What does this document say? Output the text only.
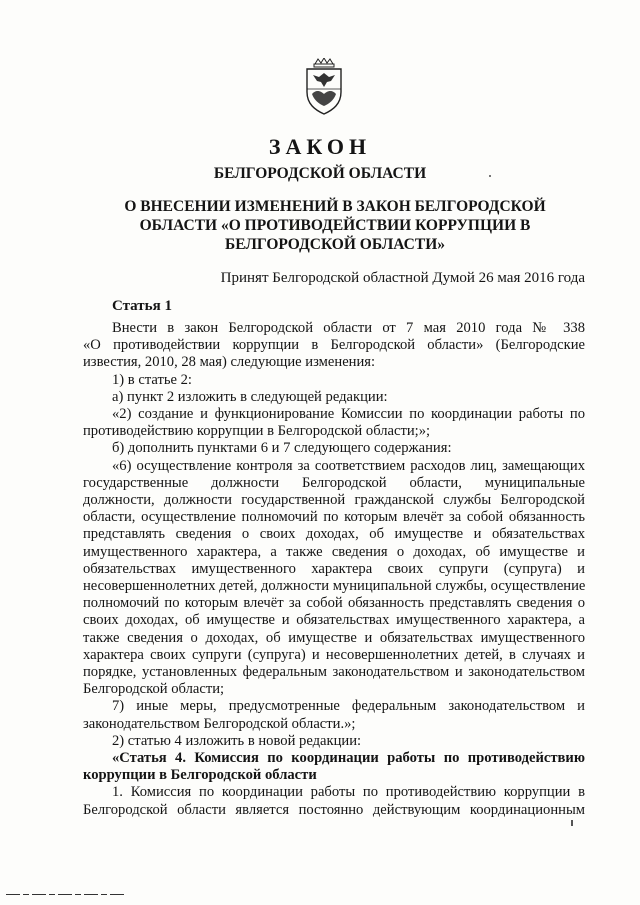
ЗАКОН
БЕЛГОРОДСКОЙ ОБЛАСТИ
О ВНЕСЕНИИ ИЗМЕНЕНИЙ В ЗАКОН БЕЛГОРОДСКОЙ
ОБЛАСТИ «О ПРОТИВОДЕЙСТВИИ КОРРУПЦИИ В
БЕЛГОРОДСКОЙ ОБЛАСТИ»
Принят Белгородской областной Думой 26 мая 2016 года
Статья 1
Внести в закон Белгородской области от 7 мая 2010 года № 338
«О противодействии коррупции в Белгородской области» (Белгородские
известия, 2010, 28 мая) следующие изменения:
1) в статье 2:
а) пункт 2 изложить в следующей редакции:
«2) создание и функционирование Комиссии по координации работы по
противодействию коррупции в Белгородской области;»;
б) дополнить пунктами 6 и 7 следующего содержания:
«6) осуществление контроля за соответствием расходов лиц, замещающих
государственные должности Белгородской области, муниципальные
должности, должности государственной гражданской службы Белгородской
области, осуществление полномочий по которым влечёт за собой обязанность
представлять сведения о своих доходах, об имуществе и обязательствах
имущественного характера, а также сведения о доходах, об имуществе и
обязательствах имущественного характера своих супруги (супруга) и
несовершеннолетних детей, должности муниципальной службы, осуществление
полномочий по которым влечёт за собой обязанность представлять сведения о
своих доходах, об имуществе и обязательствах имущественного характера, а
также сведения о доходах, об имуществе и обязательствах имущественного
характера своих супруги (супруга) и несовершеннолетних детей, в случаях и
порядке, установленных федеральным законодательством и законодательством
Белгородской области;
7) иные меры, предусмотренные федеральным законодательством и
законодательством Белгородской области.»;
2) статью 4 изложить в новой редакции:
«Статья 4. Комиссия по координации работы по противодействию
коррупции в Белгородской области
1. Комиссия по координации работы по противодействию коррупции в
Белгородской области является постоянно действующим координационным
